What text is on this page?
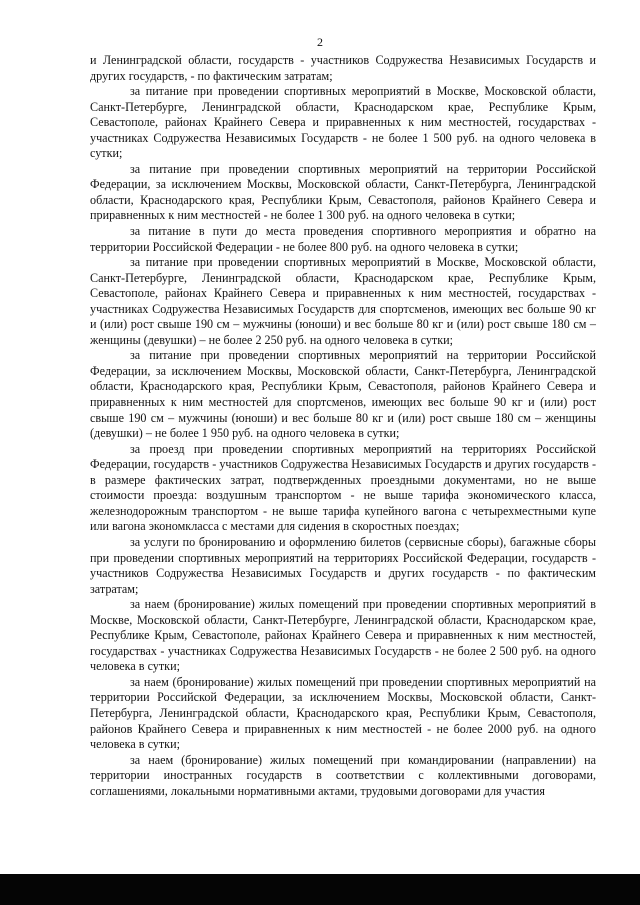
2

и Ленинградской области, государств - участников Содружества Независимых Государств и других государств, - по фактическим затратам;

за питание при проведении спортивных мероприятий в Москве, Московской области, Санкт-Петербурге, Ленинградской области, Краснодарском крае, Республике Крым, Севастополе, районах Крайнего Севера и приравненных к ним местностей, государствах - участниках Содружества Независимых Государств - не более 1 500 руб. на одного человека в сутки;

за питание при проведении спортивных мероприятий на территории Российской Федерации, за исключением Москвы, Московской области, Санкт-Петербурга, Ленинградской области, Краснодарского края, Республики Крым, Севастополя, районов Крайнего Севера и приравненных к ним местностей - не более 1 300 руб. на одного человека в сутки;

за питание в пути до места проведения спортивного мероприятия и обратно на территории Российской Федерации - не более 800 руб. на одного человека в сутки;

за питание при проведении спортивных мероприятий в Москве, Московской области, Санкт-Петербурге, Ленинградской области, Краснодарском крае, Республике Крым, Севастополе, районах Крайнего Севера и приравненных к ним местностей, государствах - участниках Содружества Независимых Государств для спортсменов, имеющих вес больше 90 кг и (или) рост свыше 190 см – мужчины (юноши) и вес больше 80 кг и (или) рост свыше 180 см – женщины (девушки) – не более 2 250 руб. на одного человека в сутки;

за питание при проведении спортивных мероприятий на территории Российской Федерации, за исключением Москвы, Московской области, Санкт-Петербурга, Ленинградской области, Краснодарского края, Республики Крым, Севастополя, районов Крайнего Севера и приравненных к ним местностей для спортсменов, имеющих вес больше 90 кг и (или) рост свыше 190 см – мужчины (юноши) и вес больше 80 кг и (или) рост свыше 180 см – женщины (девушки) – не более 1 950 руб. на одного человека в сутки;

за проезд при проведении спортивных мероприятий на территориях Российской Федерации, государств - участников Содружества Независимых Государств и других государств - в размере фактических затрат, подтвержденных проездными документами, но не выше стоимости проезда: воздушным транспортом - не выше тарифа экономического класса, железнодорожным транспортом - не выше тарифа купейного вагона с четырехместными купе или вагона экономкласса с местами для сидения в скоростных поездах;

за услуги по бронированию и оформлению билетов (сервисные сборы), багажные сборы при проведении спортивных мероприятий на территориях Российской Федерации, государств - участников Содружества Независимых Государств и других государств - по фактическим затратам;

за наем (бронирование) жилых помещений при проведении спортивных мероприятий в Москве, Московской области, Санкт-Петербурге, Ленинградской области, Краснодарском крае, Республике Крым, Севастополе, районах Крайнего Севера и приравненных к ним местностей, государствах - участниках Содружества Независимых Государств - не более 2 500 руб. на одного человека в сутки;

за наем (бронирование) жилых помещений при проведении спортивных мероприятий на территории Российской Федерации, за исключением Москвы, Московской области, Санкт-Петербурга, Ленинградской области, Краснодарского края, Республики Крым, Севастополя, районов Крайнего Севера и приравненных к ним местностей - не более 2000 руб. на одного человека в сутки;

за наем (бронирование) жилых помещений при командировании (направлении) на территории иностранных государств в соответствии с коллективными договорами, соглашениями, локальными нормативными актами, трудовыми договорами для участия
